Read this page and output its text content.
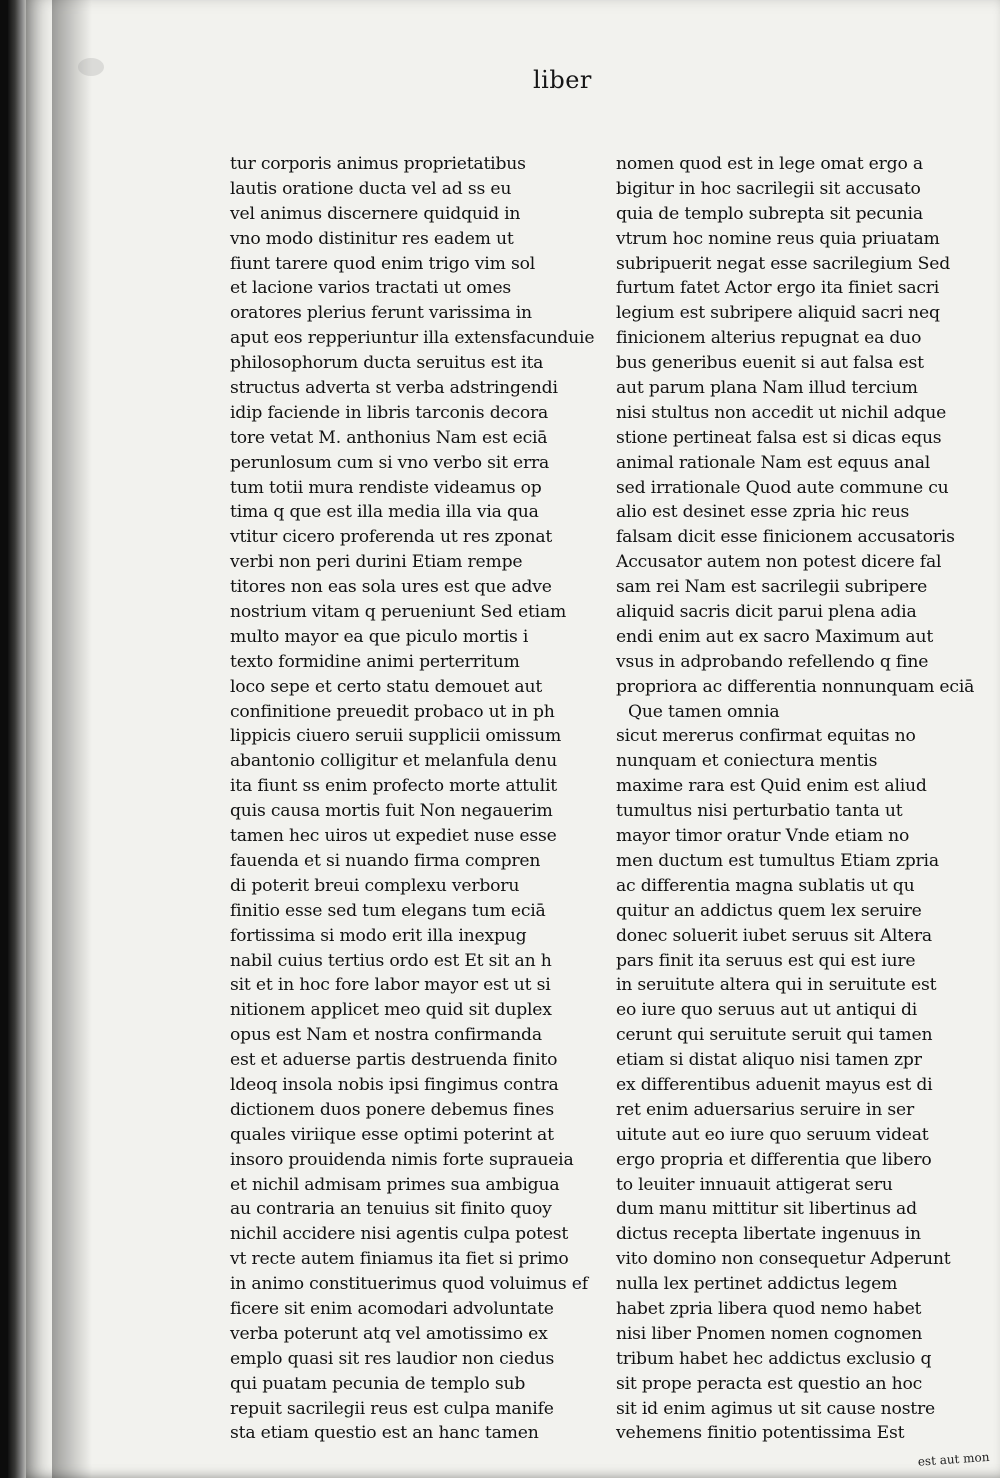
liber
tur corporis animus proprietatibus
lautis oratione ducta vel ad ss eu
vel animus discernere quidquid in
vno modo distinitur res eadem ut
fiunt tarere quod enim trigo vim sol
et lacione varios tractati ut omes
oratores plerius ferunt varissima in
aput eos repperiuntur illa extensfacunduie
philosophorum ducta seruitus est ita
structus adverta st verba adstringendi
idip faciende in libris tarconis decora
tore vetat M. anthonius Nam est eciā
perunlosum cum si vno verbo sit erra
tum totii mura rendiste videamus op
tima q que est illa media illa via qua
vtitur cicero proferenda ut res zponat
verbi non peri durini Etiam rempe
titores non eas sola ures est que adve
nostrium vitam q perueniunt Sed etiam
multo mayor ea que piculo mortis i
texto formidine animi perterritum
loco sepe et certo statu demouet aut
confinitione preuedit probaco ut in ph
lippicis ciuero seruii supplicii omissum
abantonio colligitur et melanfula denu
ita fiunt ss enim profecto morte attulit
quis causa mortis fuit Non negauerim
tamen hec uiros ut expediet nuse esse
fauenda et si nuando firma compren
di poterit breui complexu verboru
finitio esse sed tum elegans tum eciā
fortissima si modo erit illa inexpug
nabil cuius tertius ordo est Et sit an h
sit et in hoc fore labor mayor est ut si
nitionem applicet meo quid sit duplex
opus est Nam et nostra confirmanda
est et aduerse partis destruenda finito
ldeoq insola nobis ipsi fingimus contra
dictionem duos ponere debemus fines
quales viriique esse optimi poterint at
insoro prouidenda nimis forte supraueia
et nichil admisam primes sua ambigua
au contraria an tenuius sit finito quoy
nichil accidere nisi agentis culpa potest
vt recte autem finiamus ita fiet si primo
in animo constituerimus quod voluimus ef
ficere sit enim acomodari advoluntate
verba poterunt atq vel amotissimo ex
emplo quasi sit res laudior non ciedus
qui puatam pecunia de templo sub
repuit sacrilegii reus est culpa manife
sta etiam questio est an hanc tamen
nomen quod est in lege omat ergo a
bigitur in hoc sacrilegii sit accusato
quia de templo subrepta sit pecunia
vtrum hoc nomine reus quia priuatam
subripuerit negat esse sacrilegium Sed
furtum fatet Actor ergo ita finiet sacri
legium est subripere aliquid sacri neq
finicionem alterius repugnat ea duo
bus generibus euenit si aut falsa est
aut parum plana Nam illud tercium
nisi stultus non accedit ut nichil adque
stione pertineat falsa est si dicas equs
animal rationale Nam est equus anal
sed irrationale Quod aute commune cu
alio est desinet esse zpria hic reus
falsam dicit esse finicionem accusatoris
Accusator autem non potest dicere fal
sam rei Nam est sacrilegii subripere
aliquid sacris dicit parui plena adia
endi enim aut ex sacro Maximum aut
vsus in adprobando refellendo q fine
propriora ac differentia nonnunquam eciā
Que tamen omnia
sicut mererus confirmat equitas no
nunquam et coniectura mentis
maxime rara est Quid enim est aliud
tumultus nisi perturbatio tanta ut
mayor timor oratur Vnde etiam no
men ductum est tumultus Etiam zpria
ac differentia magna sublatis ut qu
quitur an addictus quem lex seruire
donec soluerit iubet seruus sit Altera
pars finit ita seruus est qui est iure
in seruitute altera qui in seruitute est
eo iure quo seruus aut ut antiqui di
cerunt qui seruitute seruit qui tamen
etiam si distat aliquo nisi tamen zpr
ex differentibus aduenit mayus est di
ret enim aduersarius seruire in ser
uitute aut eo iure quo seruum videat
ergo propria et differentia que libero
to leuiter innuauit attigerat seru
dum manu mittitur sit libertinus ad
dictus recepta libertate ingenuus in
vito domino non consequetur Adperunt
nulla lex pertinet addictus legem
habet zpria libera quod nemo habet
nisi liber Pnomen nomen cognomen
tribum habet hec addictus exclusio q
sit prope peracta est questio an hoc
sit id enim agimus ut sit cause nostre
vehemens finitio potentissima Est
est aut mon
